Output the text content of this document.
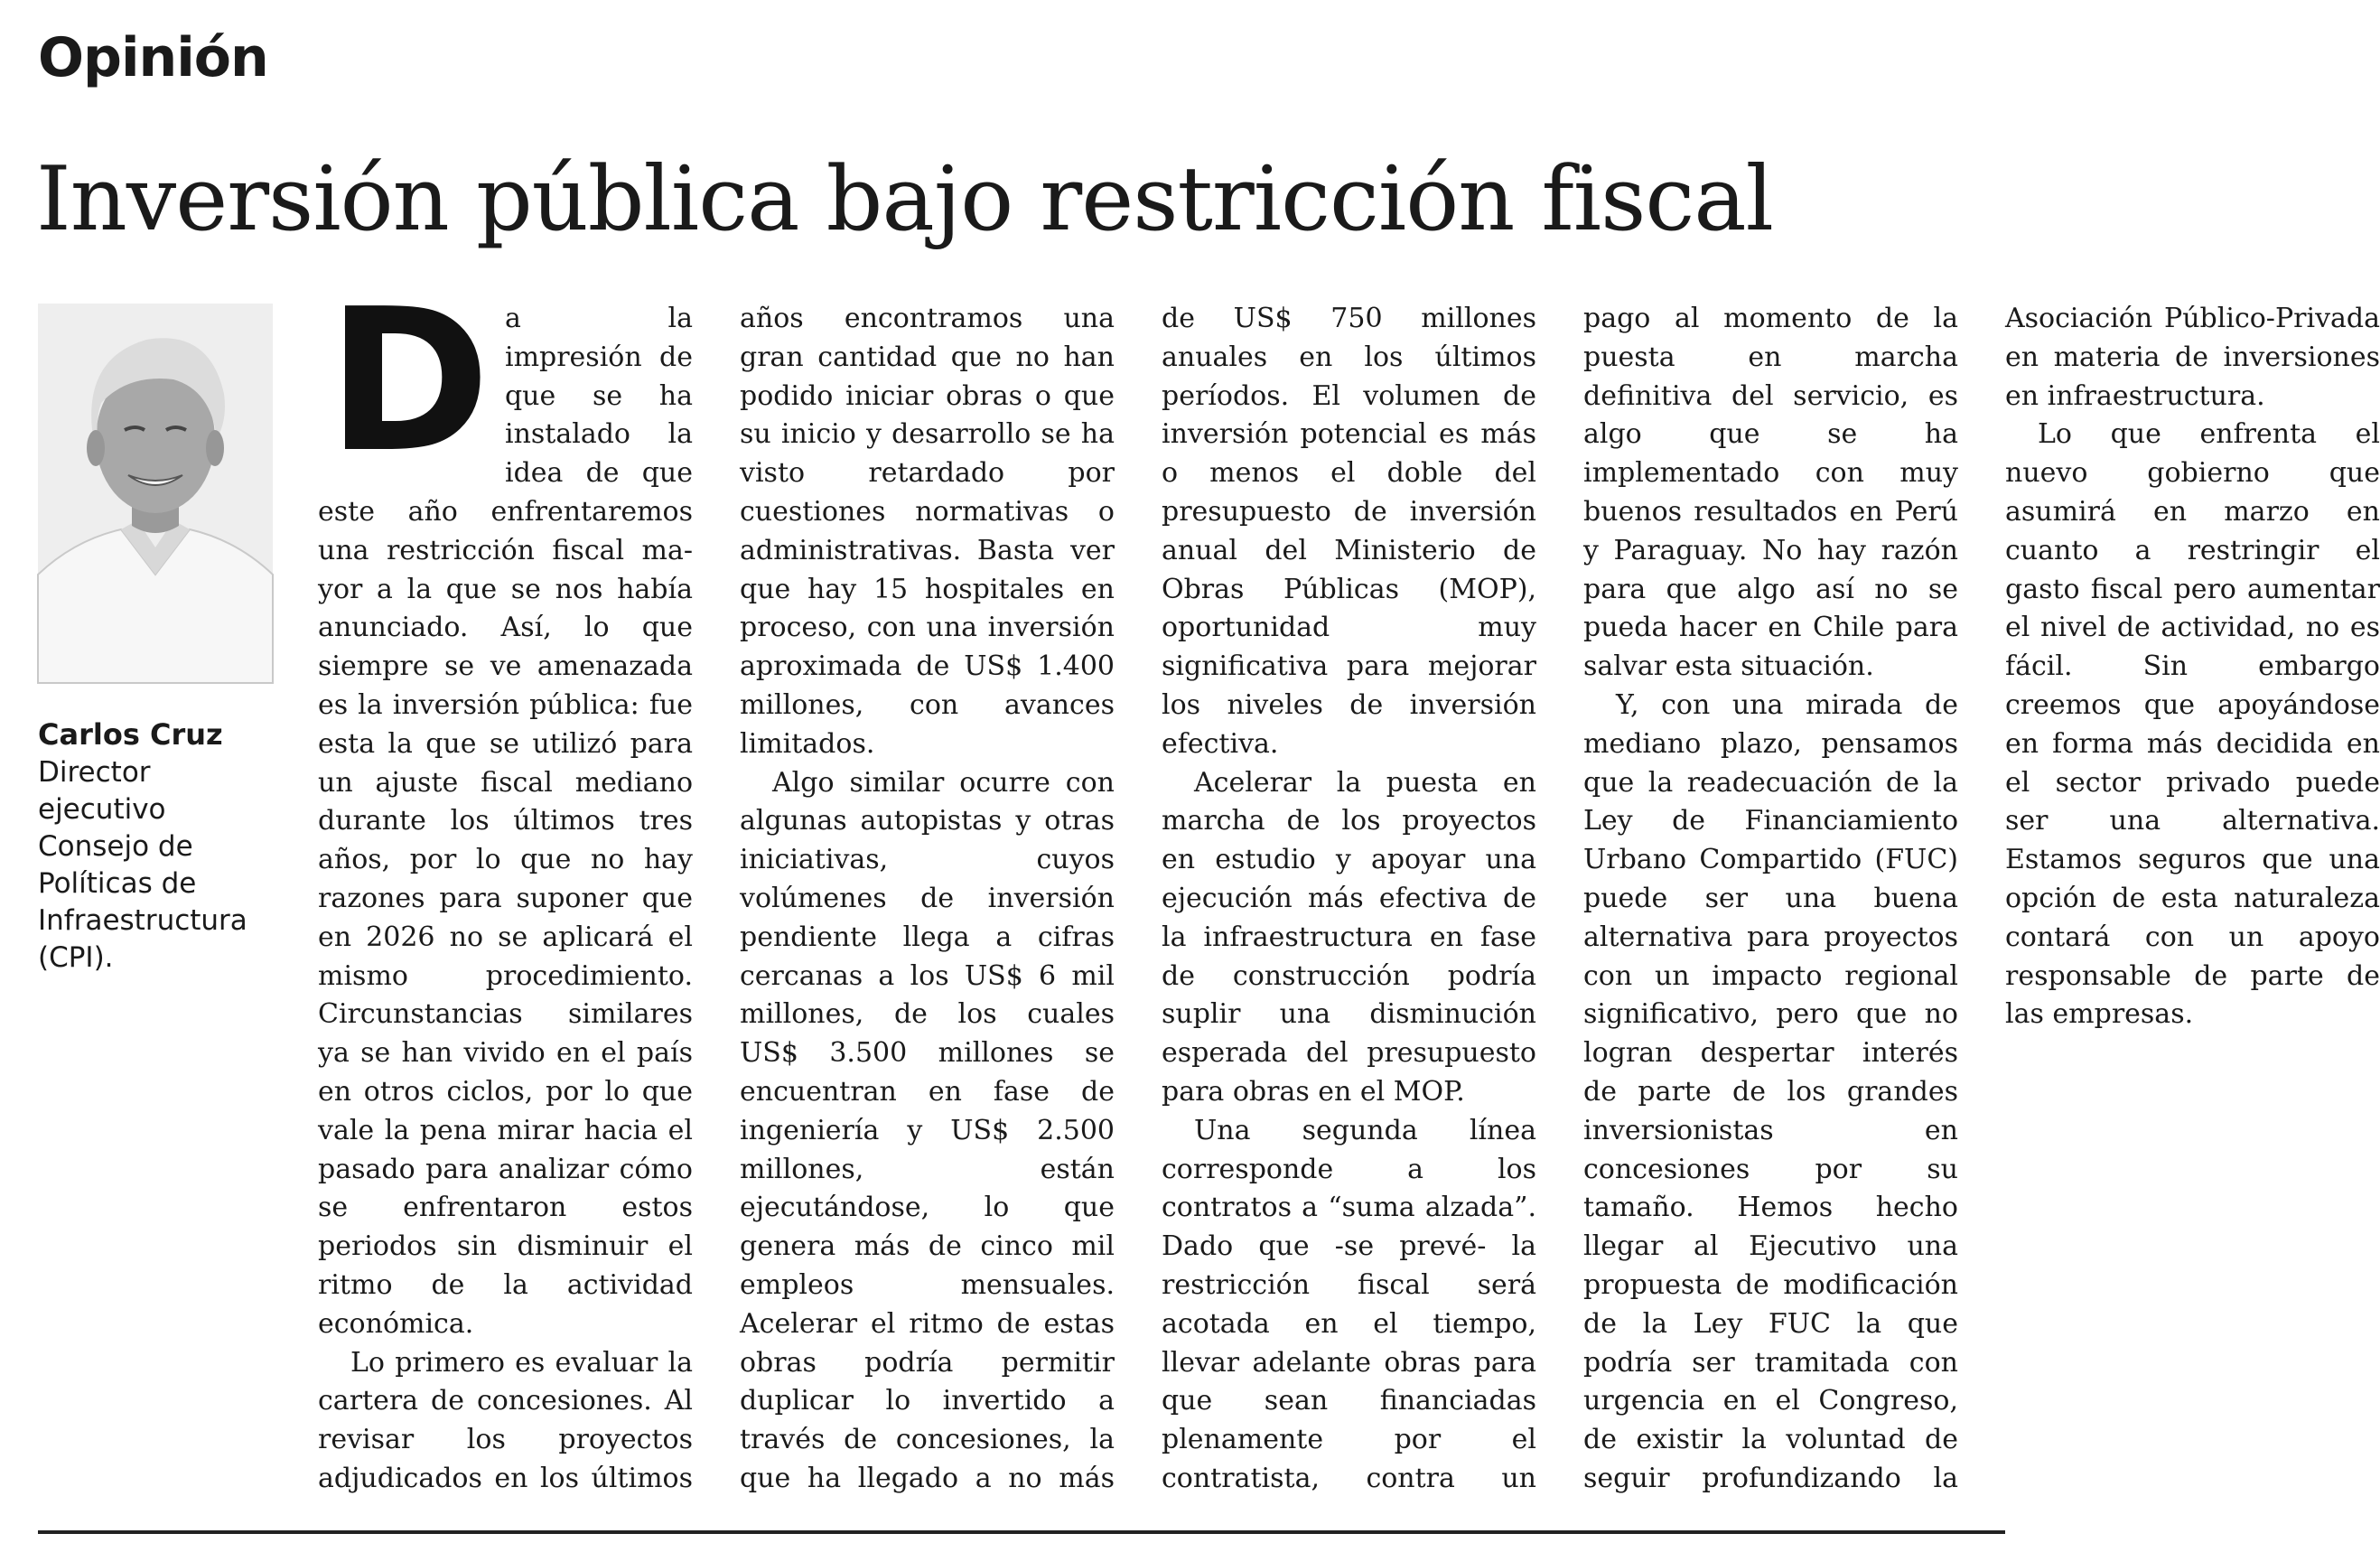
Opinión
Inversión pública bajo restricción fiscal
Carlos Cruz
Director ejecutivo Consejo de Políticas de Infraestructura (CPI).

Da la impresión de que se ha instalado la idea de que este año enfrentaremos una restricción fiscal mayor a la que se nos había anunciado. Así, lo que siempre se ve amenazada es la inversión pública: fue esta la que se utilizó para un ajuste fiscal mediano durante los últimos tres años, por lo que no hay razones para suponer que en 2026 no se aplicará el mismo procedimiento. Circunstancias similares ya se han vivido en el país en otros ciclos, por lo que vale la pena mirar hacia el pasado para analizar cómo se enfrentaron estos periodos sin disminuir el ritmo de la actividad económica.

Lo primero es evaluar la cartera de concesiones. Al revisar los proyectos adjudicados en los últimos años encontramos una gran cantidad que no han podido iniciar obras o que su inicio y desarrollo se ha visto retardado por cuestiones normativas o administrativas. Basta ver que hay 15 hospitales en proceso, con una inversión aproximada de US$ 1.400 millones, con avances limitados.

Algo similar ocurre con algunas autopistas y otras iniciativas, cuyos volúmenes de inversión pendiente llega a cifras cercanas a los US$ 6 mil millones, de los cuales US$ 3.500 millones se encuentran en fase de ingeniería y US$ 2.500 millones, están ejecutándose, lo que genera más de cinco mil empleos mensuales. Acelerar el ritmo de estas obras podría permitir duplicar lo invertido a través de concesiones, la que ha llegado a no más de US$ 750 millones anuales en los últimos períodos. El volumen de inversión potencial es más o menos el doble del presupuesto de inversión anual del Ministerio de Obras Públicas (MOP), oportunidad muy significativa para mejorar los niveles de inversión efectiva.

Acelerar la puesta en marcha de los proyectos en estudio y apoyar una ejecución más efectiva de la infraestructura en fase de construcción podría suplir una disminución esperada del presupuesto para obras en el MOP.

Una segunda línea corresponde a los contratos a “suma alzada”. Dado que -se prevé- la restricción fiscal será acotada en el tiempo, llevar adelante obras para que sean financiadas plenamente por el contratista, contra un pago al momento de la puesta en marcha definitiva del servicio, es algo que se ha implementado con muy buenos resultados en Perú y Paraguay. No hay razón para que algo así no se pueda hacer en Chile para salvar esta situación.

Y, con una mirada de mediano plazo, pensamos que la readecuación de la Ley de Financiamiento Urbano Compartido (FUC) puede ser una buena alternativa para proyectos con un impacto regional significativo, pero que no logran despertar interés de parte de los grandes inversionistas en concesiones por su tamaño. Hemos hecho llegar al Ejecutivo una propuesta de modificación de la Ley FUC la que podría ser tramitada con urgencia en el Congreso, de existir la voluntad de seguir profundizando la Asociación Público-Privada en materia de inversiones en infraestructura.

Lo que enfrenta el nuevo gobierno que asumirá en marzo en cuanto a restringir el gasto fiscal pero aumentar el nivel de actividad, no es fácil. Sin embargo creemos que apoyándose en forma más decidida en el sector privado puede ser una alternativa. Estamos seguros que una opción de esta naturaleza contará con un apoyo responsable de parte de las empresas.
